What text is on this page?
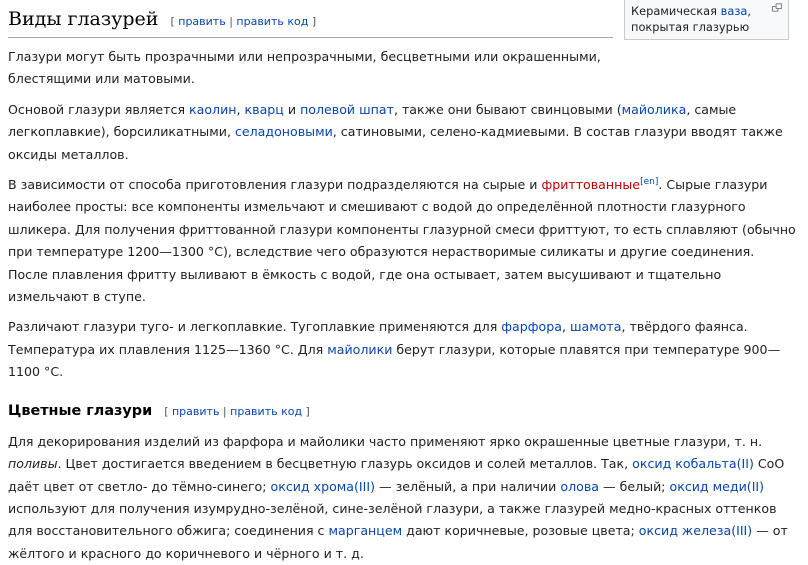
Керамическая ваза,
покрытая глазурью
Виды глазурей [ править | править код ]

Глазури могут быть прозрачными или непрозрачными, бесцветными или окрашенными, блестящими или матовыми.

Основой глазури является каолин, кварц и полевой шпат, также они бывают свинцовыми (майолика, самые легкоплавкие), борсиликатными, селадоновыми, сатиновыми, селено-кадмиевыми. В состав глазури вводят также оксиды металлов.

В зависимости от способа приготовления глазури подразделяются на сырые и фриттованные[en]. Сырые глазури наиболее просты: все компоненты измельчают и смешивают с водой до определённой плотности глазурного шликера. Для получения фриттованной глазури компоненты глазурной смеси фриттуют, то есть сплавляют (обычно при температуре 1200—1300 °C), вследствие чего образуются нерастворимые силикаты и другие соединения. После плавления фритту выливают в ёмкость с водой, где она остывает, затем высушивают и тщательно измельчают в ступе.

Различают глазури туго- и легкоплавкие. Тугоплавкие применяются для фарфора, шамота, твёрдого фаянса. Температура их плавления 1125—1360 °C. Для майолики берут глазури, которые плавятся при температуре 900—1100 °C.

Цветные глазури [ править | править код ]

Для декорирования изделий из фарфора и майолики часто применяют ярко окрашенные цветные глазури, т. н. поливы. Цвет достигается введением в бесцветную глазурь оксидов и солей металлов. Так, оксид кобальта(II) CoO даёт цвет от светло- до тёмно-синего; оксид хрома(III) — зелёный, а при наличии олова — белый; оксид меди(II) используют для получения изумрудно-зелёной, сине-зелёной глазури, а также глазурей медно-красных оттенков для восстановительного обжига; соединения с марганцем дают коричневые, розовые цвета; оксид железа(III) — от жёлтого и красного до коричневого и чёрного и т. д.
